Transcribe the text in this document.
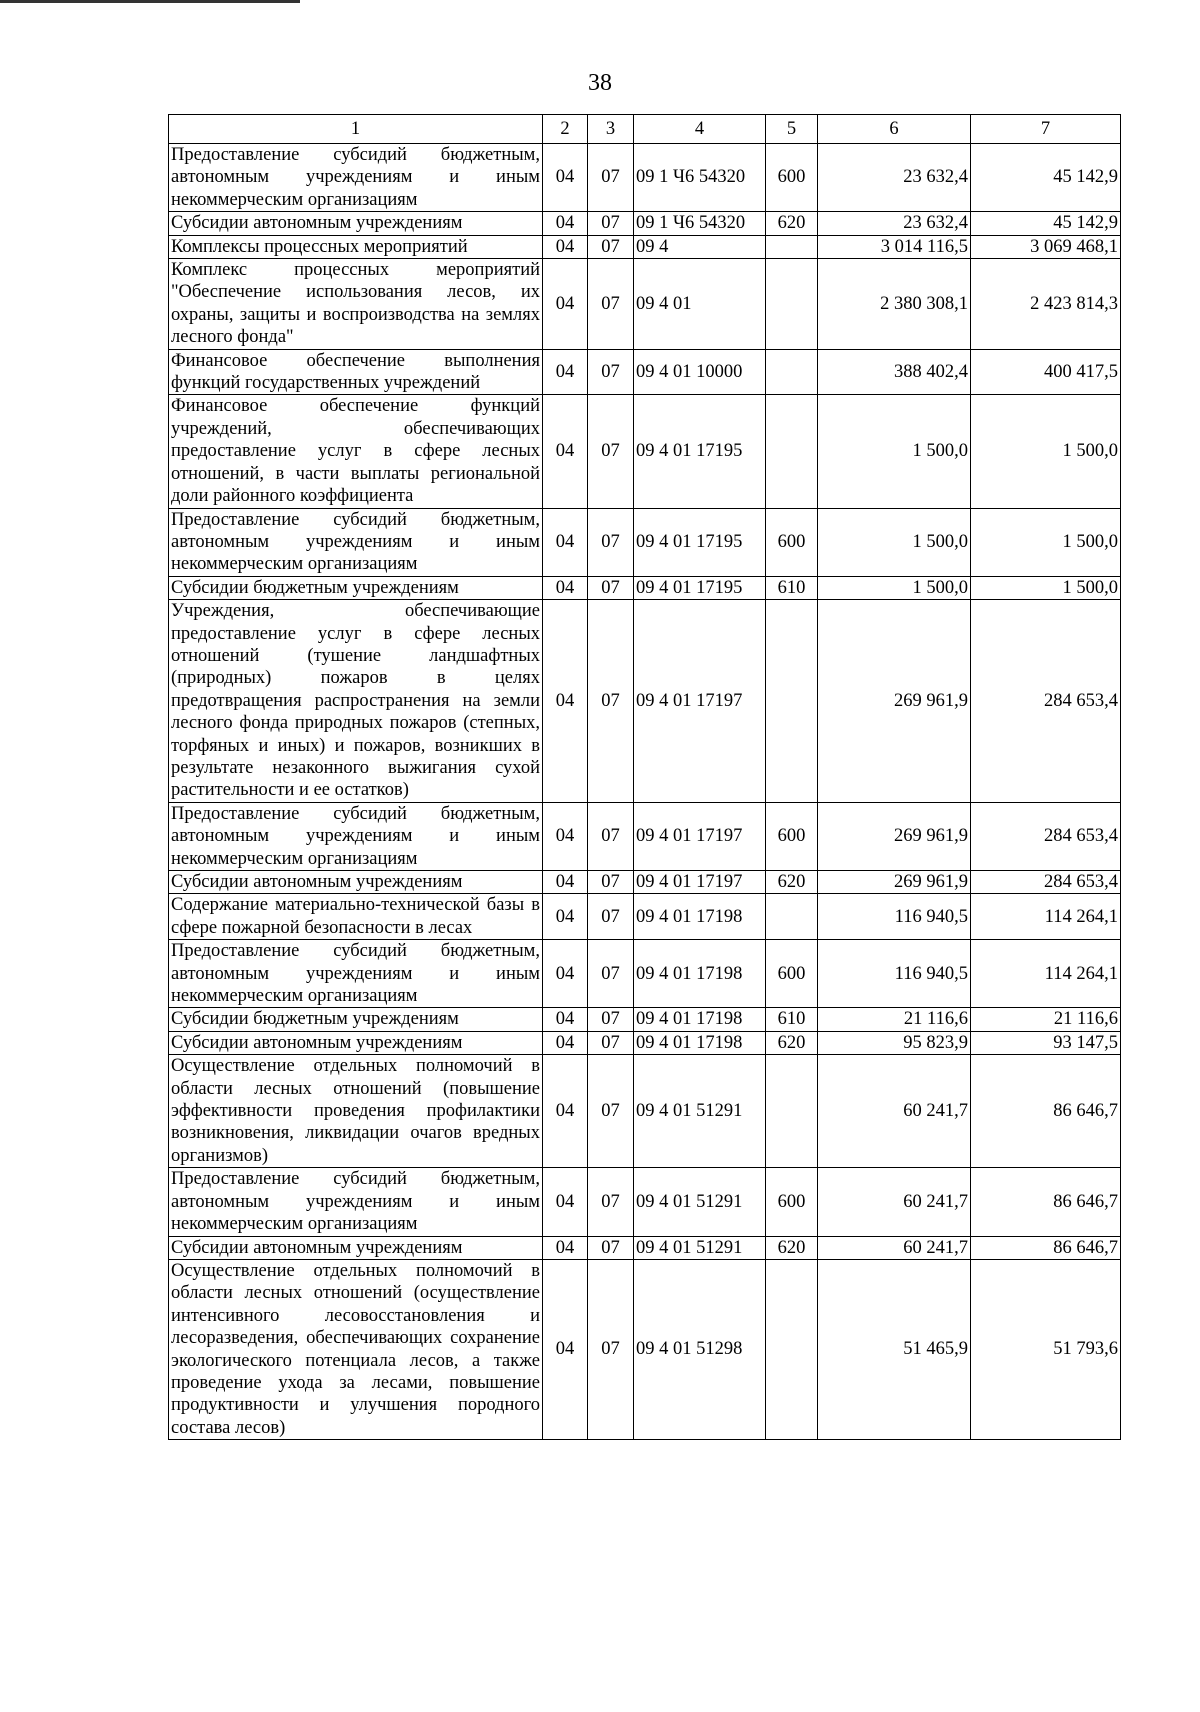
38
1	2	3	4	5	6	7
Предоставление субсидий бюджетным, автономным учреждениям и иным некоммерческим организациям	04	07	09 1 Ч6 54320	600	23 632,4	45 142,9
Субсидии автономным учреждениям	04	07	09 1 Ч6 54320	620	23 632,4	45 142,9
Комплексы процессных мероприятий	04	07	09 4		3 014 116,5	3 069 468,1
Комплекс процессных мероприятий "Обеспечение использования лесов, их охраны, защиты и воспроизводства на землях лесного фонда"	04	07	09 4 01		2 380 308,1	2 423 814,3
Финансовое обеспечение выполнения функций государственных учреждений	04	07	09 4 01 10000		388 402,4	400 417,5
Финансовое обеспечение функций учреждений, обеспечивающих предоставление услуг в сфере лесных отношений, в части выплаты региональной доли районного коэффициента	04	07	09 4 01 17195		1 500,0	1 500,0
Предоставление субсидий бюджетным, автономным учреждениям и иным некоммерческим организациям	04	07	09 4 01 17195	600	1 500,0	1 500,0
Субсидии бюджетным учреждениям	04	07	09 4 01 17195	610	1 500,0	1 500,0
Учреждения, обеспечивающие предоставление услуг в сфере лесных отношений (тушение ландшафтных (природных) пожаров в целях предотвращения распространения на земли лесного фонда природных пожаров (степных, торфяных и иных) и пожаров, возникших в результате незаконного выжигания сухой растительности и ее остатков)	04	07	09 4 01 17197		269 961,9	284 653,4
Предоставление субсидий бюджетным, автономным учреждениям и иным некоммерческим организациям	04	07	09 4 01 17197	600	269 961,9	284 653,4
Субсидии автономным учреждениям	04	07	09 4 01 17197	620	269 961,9	284 653,4
Содержание материально-технической базы в сфере пожарной безопасности в лесах	04	07	09 4 01 17198		116 940,5	114 264,1
Предоставление субсидий бюджетным, автономным учреждениям и иным некоммерческим организациям	04	07	09 4 01 17198	600	116 940,5	114 264,1
Субсидии бюджетным учреждениям	04	07	09 4 01 17198	610	21 116,6	21 116,6
Субсидии автономным учреждениям	04	07	09 4 01 17198	620	95 823,9	93 147,5
Осуществление отдельных полномочий в области лесных отношений (повышение эффективности проведения профилактики возникновения, ликвидации очагов вредных организмов)	04	07	09 4 01 51291		60 241,7	86 646,7
Предоставление субсидий бюджетным, автономным учреждениям и иным некоммерческим организациям	04	07	09 4 01 51291	600	60 241,7	86 646,7
Субсидии автономным учреждениям	04	07	09 4 01 51291	620	60 241,7	86 646,7
Осуществление отдельных полномочий в области лесных отношений (осуществление интенсивного лесовосстановления и лесоразведения, обеспечивающих сохранение экологического потенциала лесов, а также проведение ухода за лесами, повышение продуктивности и улучшения породного состава лесов)	04	07	09 4 01 51298		51 465,9	51 793,6
